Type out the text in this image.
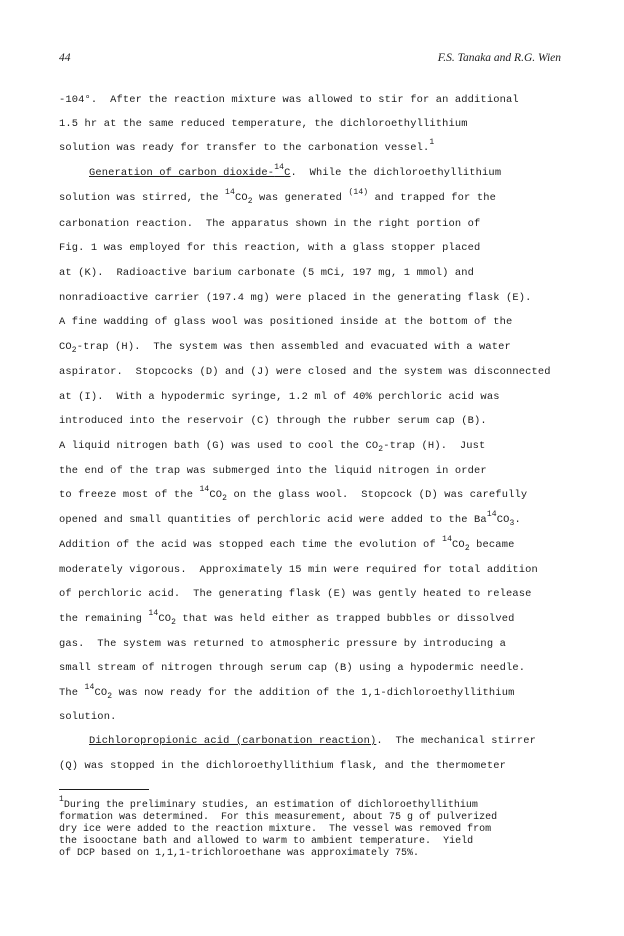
44	F.S. Tanaka and R.G. Wien
-104°.  After the reaction mixture was allowed to stir for an additional
1.5 hr at the same reduced temperature, the dichloroethyllithium
solution was ready for transfer to the carbonation vessel.$^1$
Generation of carbon dioxide-$^{14}$C.  While the dichloroethyllithium
solution was stirred, the $^{14}CO_2$ was generated $^{(14)}$ and trapped for the
carbonation reaction.  The apparatus shown in the right portion of
Fig. 1 was employed for this reaction, with a glass stopper placed
at (K).  Radioactive barium carbonate (5 mCi, 197 mg, 1 mmol) and
nonradioactive carrier (197.4 mg) were placed in the generating flask (E).
A fine wadding of glass wool was positioned inside at the bottom of the
$CO_2$-trap (H).  The system was then assembled and evacuated with a water
aspirator.  Stopcocks (D) and (J) were closed and the system was disconnected
at (I).  With a hypodermic syringe, 1.2 ml of 40% perchloric acid was
introduced into the reservoir (C) through the rubber serum cap (B).
A liquid nitrogen bath (G) was used to cool the $CO_2$-trap (H).  Just
the end of the trap was submerged into the liquid nitrogen in order
to freeze most of the $^{14}CO_2$ on the glass wool.  Stopcock (D) was carefully
opened and small quantities of perchloric acid were added to the $Ba^{14}CO_3$.
Addition of the acid was stopped each time the evolution of $^{14}CO_2$ became
moderately vigorous.  Approximately 15 min were required for total addition
of perchloric acid.  The generating flask (E) was gently heated to release
the remaining $^{14}CO_2$ that was held either as trapped bubbles or dissolved
gas.  The system was returned to atmospheric pressure by introducing a
small stream of nitrogen through serum cap (B) using a hypodermic needle.
The $^{14}CO_2$ was now ready for the addition of the 1,1-dichloroethyllithium
solution.
Dichloropropionic acid (carbonation reaction).  The mechanical stirrer
(Q) was stopped in the dichloroethyllithium flask, and the thermometer
$^1$During the preliminary studies, an estimation of dichloroethyllithium
formation was determined.  For this measurement, about 75 g of pulverized
dry ice were added to the reaction mixture.  The vessel was removed from
the isooctane bath and allowed to warm to ambient temperature.  Yield
of DCP based on 1,1,1-trichloroethane was approximately 75%.
